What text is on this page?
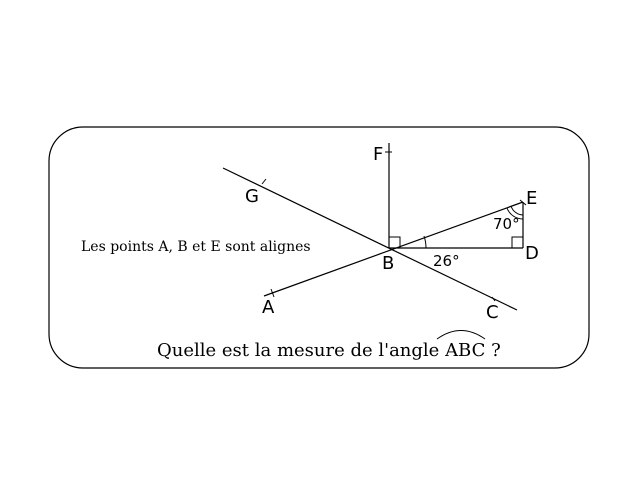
F
G	E
D
B
A	C
70°
26°
Les points A, B et E sont alignes
Quelle est la mesure de l'angle ABC ?
